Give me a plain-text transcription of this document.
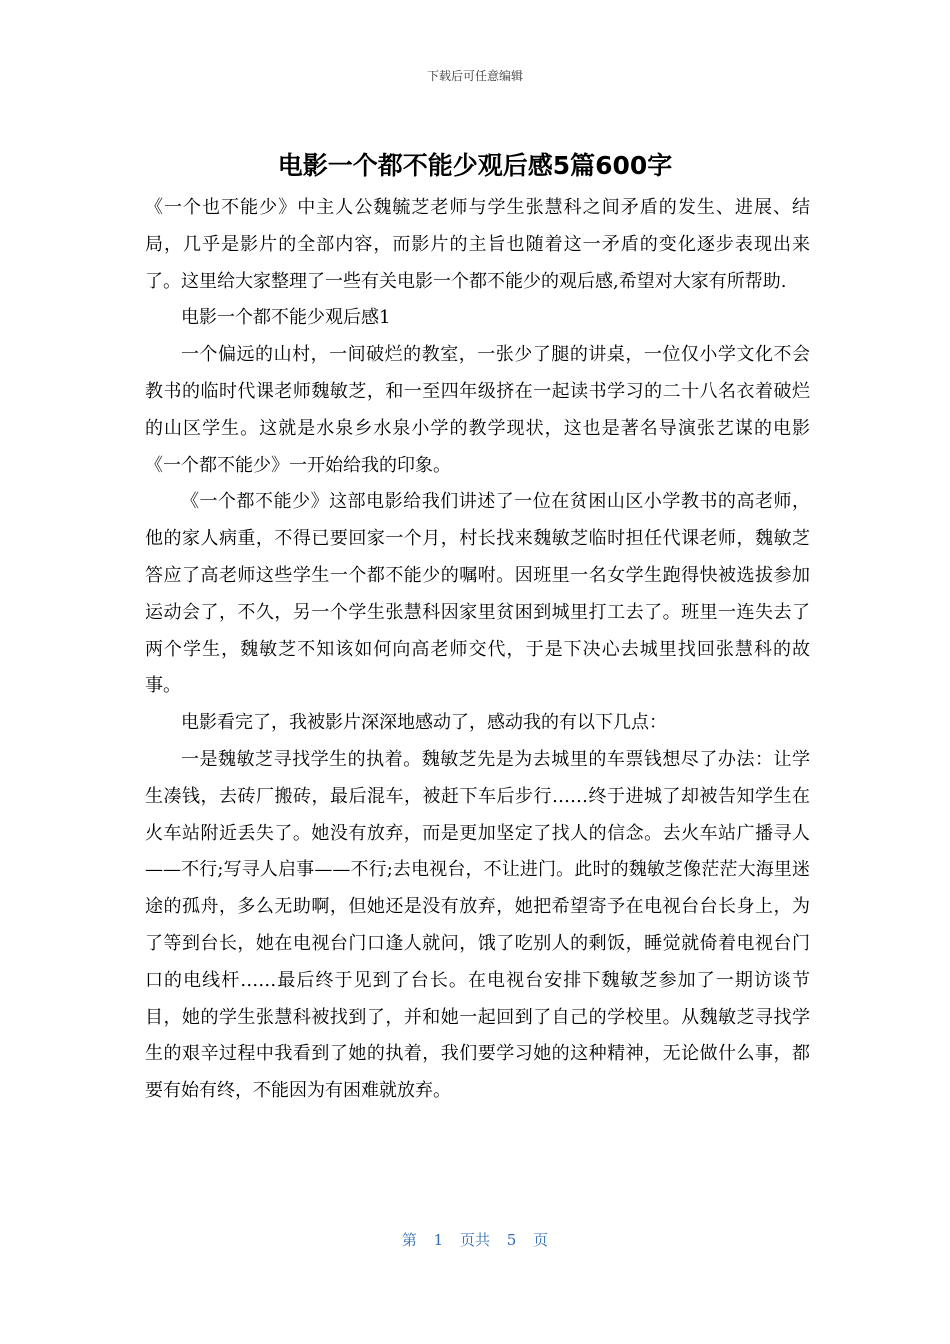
下载后可任意编辑
电影一个都不能少观后感5篇600字

《一个也不能少》中主人公魏毓芝老师与学生张慧科之间矛盾的发生、进展、结局，几乎是影片的全部内容，而影片的主旨也随着这一矛盾的变化逐步表现出来了。这里给大家整理了一些有关电影一个都不能少的观后感,希望对大家有所帮助.

电影一个都不能少观后感1

一个偏远的山村，一间破烂的教室，一张少了腿的讲桌，一位仅小学文化不会教书的临时代课老师魏敏芝，和一至四年级挤在一起读书学习的二十八名衣着破烂的山区学生。这就是水泉乡水泉小学的教学现状，这也是著名导演张艺谋的电影《一个都不能少》一开始给我的印象。

《一个都不能少》这部电影给我们讲述了一位在贫困山区小学教书的高老师，他的家人病重，不得已要回家一个月，村长找来魏敏芝临时担任代课老师，魏敏芝答应了高老师这些学生一个都不能少的嘱咐。因班里一名女学生跑得快被选拔参加运动会了，不久，另一个学生张慧科因家里贫困到城里打工去了。班里一连失去了两个学生，魏敏芝不知该如何向高老师交代，于是下决心去城里找回张慧科的故事。

电影看完了，我被影片深深地感动了，感动我的有以下几点：

一是魏敏芝寻找学生的执着。魏敏芝先是为去城里的车票钱想尽了办法：让学生凑钱，去砖厂搬砖，最后混车，被赶下车后步行……终于进城了却被告知学生在火车站附近丢失了。她没有放弃，而是更加坚定了找人的信念。去火车站广播寻人——不行;写寻人启事——不行;去电视台，不让进门。此时的魏敏芝像茫茫大海里迷途的孤舟，多么无助啊，但她还是没有放弃，她把希望寄予在电视台台长身上，为了等到台长，她在电视台门口逢人就问，饿了吃别人的剩饭，睡觉就倚着电视台门口的电线杆……最后终于见到了台长。在电视台安排下魏敏芝参加了一期访谈节目，她的学生张慧科被找到了，并和她一起回到了自己的学校里。从魏敏芝寻找学生的艰辛过程中我看到了她的执着，我们要学习她的这种精神，无论做什么事，都要有始有终，不能因为有困难就放弃。

第 1 页共 5 页
